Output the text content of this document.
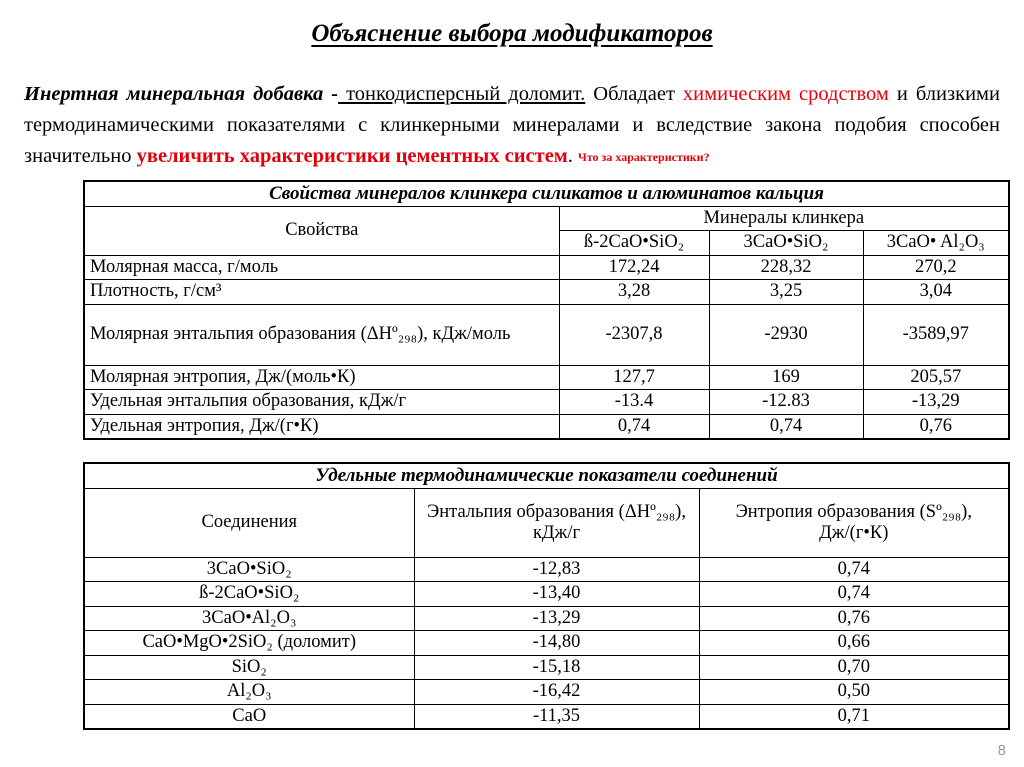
Объяснение выбора модификаторов
Инертная минеральная добавка - тонкодисперсный доломит. Обладает химическим сродством и близкими термодинамическими показателями с клинкерными минералами и вследствие закона подобия способен значительно увеличить характеристики цементных систем. Что за характеристики?
Свойства минералов клинкера силикатов и алюминатов кальция			
Свойства	Минералы клинкера		
	ß-2CaO•SiO₂	3CaO•SiO₂	3CaO• Al₂O₃
Молярная масса, г/моль	172,24	228,32	270,2
Плотность, г/см³	3,28	3,25	3,04
Молярная энтальпия образования (ΔHº₂₉₈), кДж/моль	-2307,8	-2930	-3589,97
Молярная энтропия, Дж/(моль•К)	127,7	169	205,57
Удельная энтальпия образования, кДж/г	-13.4	-12.83	-13,29
Удельная энтропия, Дж/(г•К)	0,74	0,74	0,76
Удельные термодинамические показатели соединений		
Соединения	Энтальпия образования (ΔHº₂₉₈), кДж/г	Энтропия образования (Sº₂₉₈), Дж/(г•К)
3CaO•SiO₂	-12,83	0,74
ß-2CaO•SiO₂	-13,40	0,74
3CaO•Al₂O₃	-13,29	0,76
CaO•MgO•2SiO₂ (доломит)	-14,80	0,66
SiO₂	-15,18	0,70
Al₂O₃	-16,42	0,50
CaO	-11,35	0,71
8
